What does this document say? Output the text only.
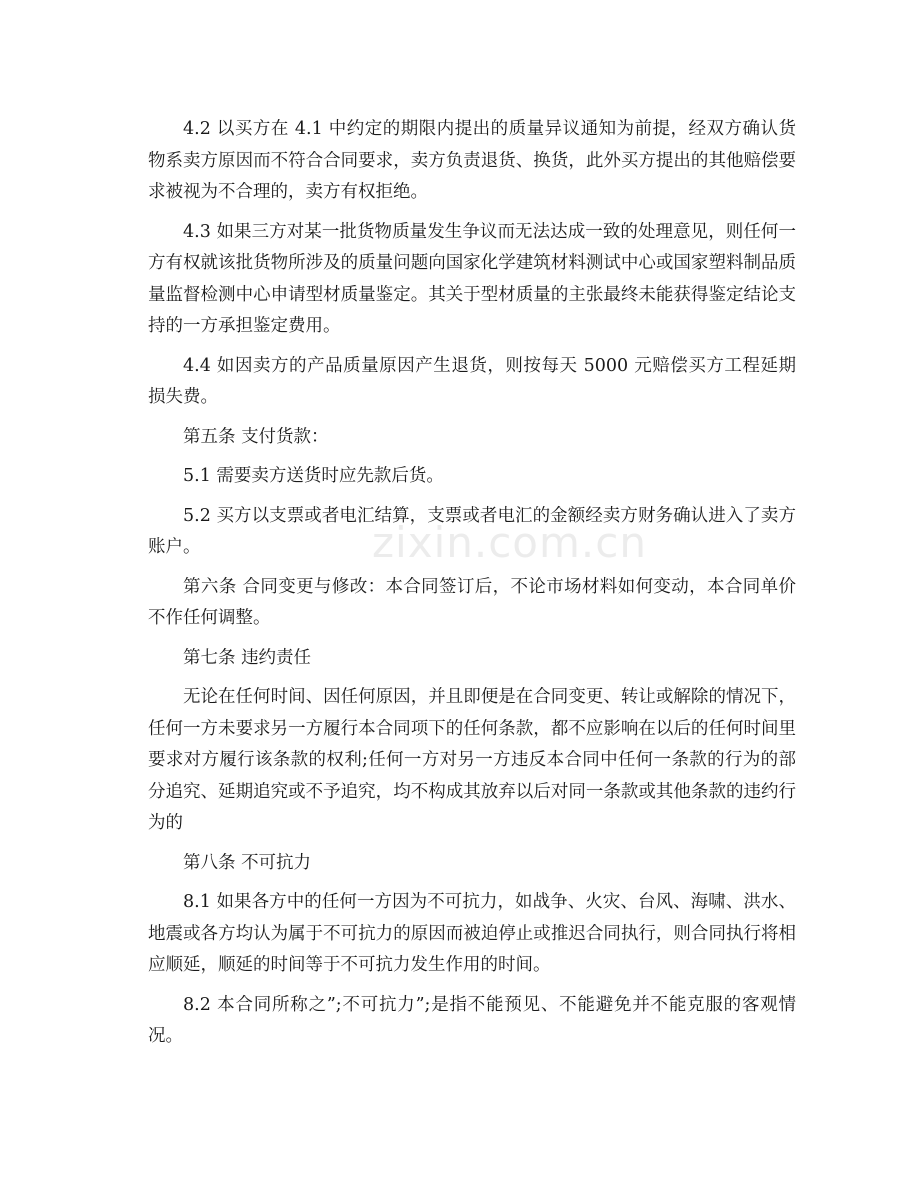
4.2 以买方在 4.1 中约定的期限内提出的质量异议通知为前提，经双方确认货物系卖方原因而不符合合同要求，卖方负责退货、换货，此外买方提出的其他赔偿要求被视为不合理的，卖方有权拒绝。

4.3 如果三方对某一批货物质量发生争议而无法达成一致的处理意见，则任何一方有权就该批货物所涉及的质量问题向国家化学建筑材料测试中心或国家塑料制品质量监督检测中心申请型材质量鉴定。其关于型材质量的主张最终未能获得鉴定结论支持的一方承担鉴定费用。

4.4 如因卖方的产品质量原因产生退货，则按每天 5000 元赔偿买方工程延期损失费。

第五条 支付货款：

5.1 需要卖方送货时应先款后货。

5.2 买方以支票或者电汇结算，支票或者电汇的金额经卖方财务确认进入了卖方账户。

第六条 合同变更与修改：本合同签订后，不论市场材料如何变动，本合同单价不作任何调整。

第七条 违约责任

无论在任何时间、因任何原因，并且即便是在合同变更、转让或解除的情况下，任何一方未要求另一方履行本合同项下的任何条款，都不应影响在以后的任何时间里要求对方履行该条款的权利;任何一方对另一方违反本合同中任何一条款的行为的部分追究、延期追究或不予追究，均不构成其放弃以后对同一条款或其他条款的违约行为的

第八条 不可抗力

8.1 如果各方中的任何一方因为不可抗力，如战争、火灾、台风、海啸、洪水、地震或各方均认为属于不可抗力的原因而被迫停止或推迟合同执行，则合同执行将相应顺延，顺延的时间等于不可抗力发生作用的时间。

8.2 本合同所称之”;不可抗力”;是指不能预见、不能避免并不能克服的客观情况。

zixin.com.cn
